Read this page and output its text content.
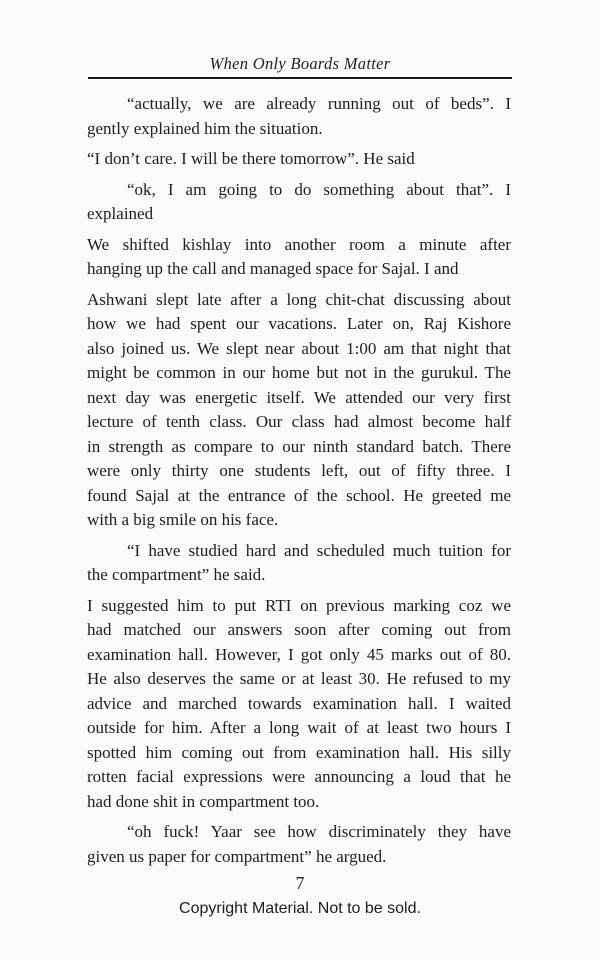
When Only Boards Matter
“actually, we are already running out of beds”. I
gently explained him the situation.
“I don’t care. I will be there tomorrow”. He said
“ok, I am going to do something about that”. I
explained
We shifted kishlay into another room a minute after
hanging up the call and managed space for Sajal. I and
Ashwani slept late after a long chit-chat discussing about
how we had spent our vacations. Later on, Raj Kishore
also joined us. We slept near about 1:00 am that night that
might be common in our home but not in the gurukul. The
next day was energetic itself. We attended our very first
lecture of tenth class. Our class had almost become half
in strength as compare to our ninth standard batch. There
were only thirty one students left, out of fifty three. I
found Sajal at the entrance of the school. He greeted me
with a big smile on his face.
“I have studied hard and scheduled much tuition for
the compartment” he said.
I suggested him to put RTI on previous marking coz we
had matched our answers soon after coming out from
examination hall. However, I got only 45 marks out of 80.
He also deserves the same or at least 30. He refused to my
advice and marched towards examination hall. I waited
outside for him. After a long wait of at least two hours I
spotted him coming out from examination hall. His silly
rotten facial expressions were announcing a loud that he
had done shit in compartment too.
“oh fuck! Yaar see how discriminately they have
given us paper for compartment” he argued.
7
Copyright Material. Not to be sold.
